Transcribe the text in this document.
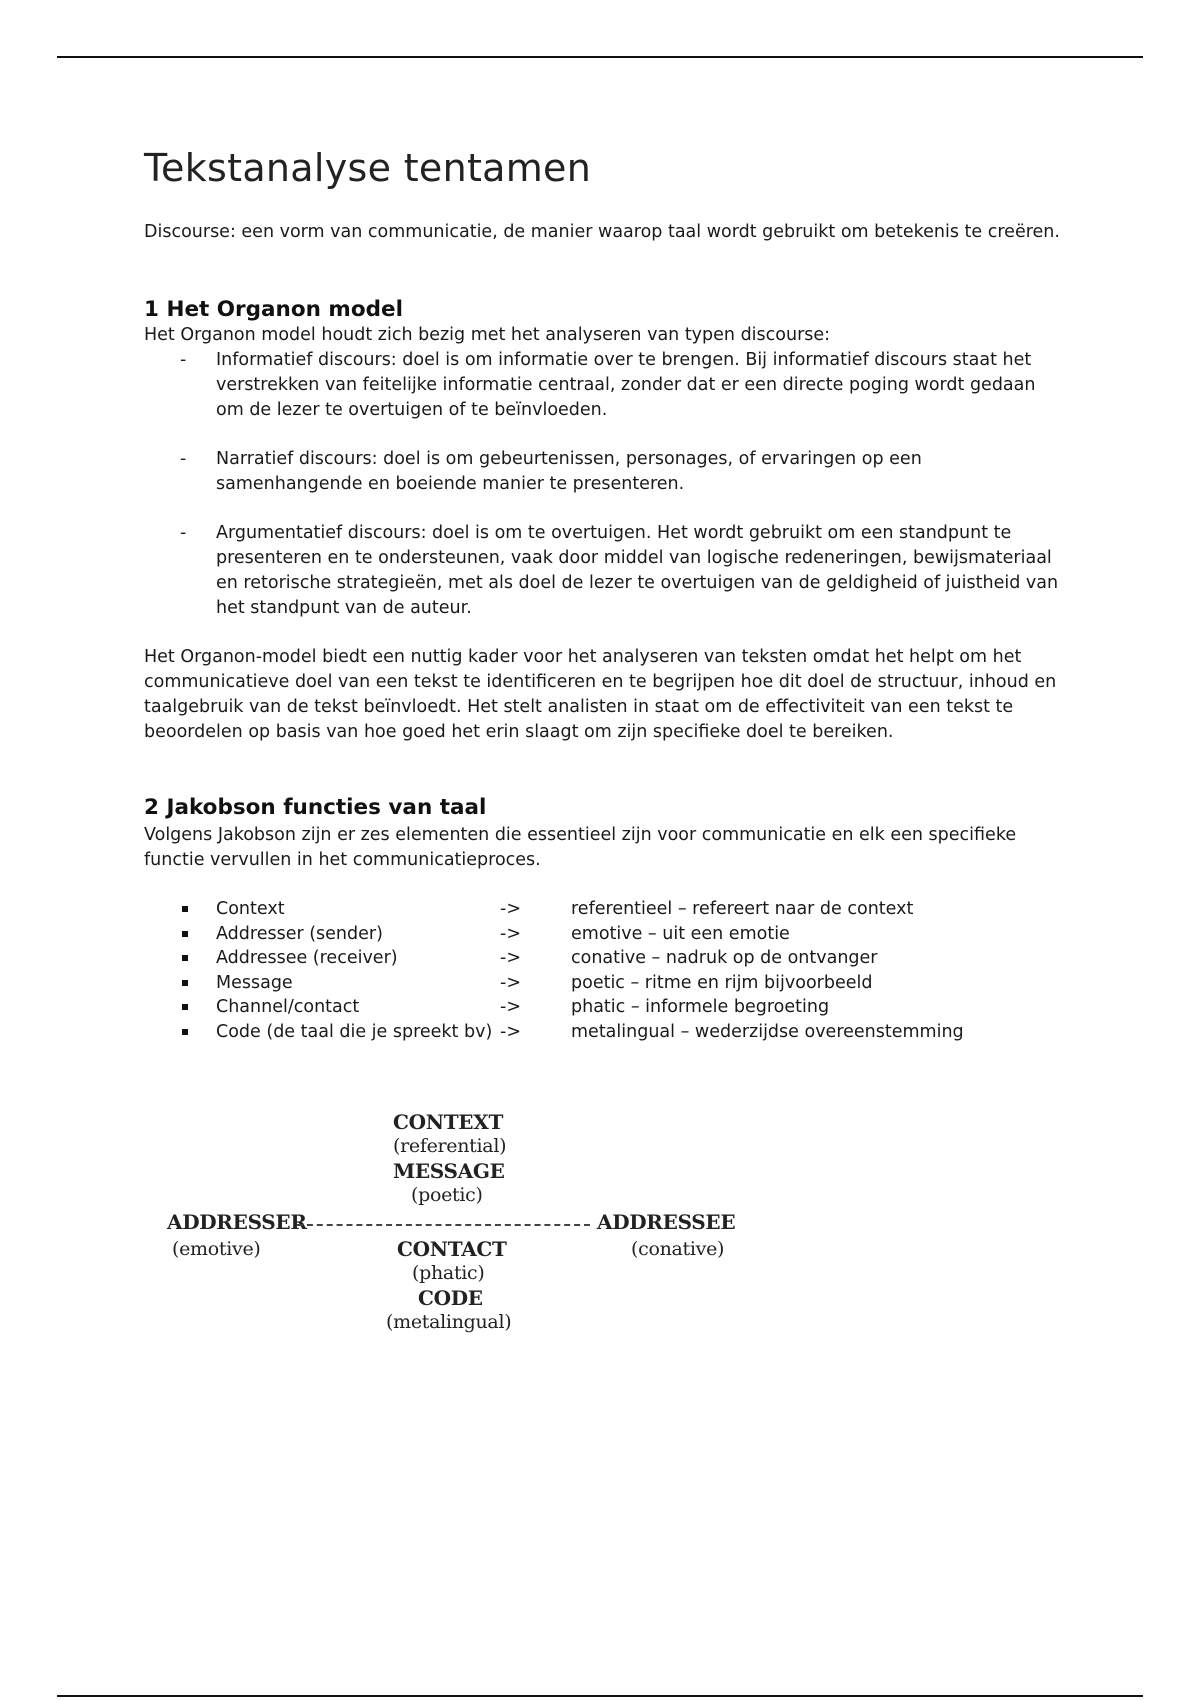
Tekstanalyse tentamen

Discourse: een vorm van communicatie, de manier waarop taal wordt gebruikt om betekenis te creëren.

1 Het Organon model

Het Organon model houdt zich bezig met het analyseren van typen discourse:

- Informatief discours: doel is om informatie over te brengen. Bij informatief discours staat het verstrekken van feitelijke informatie centraal, zonder dat er een directe poging wordt gedaan om de lezer te overtuigen of te beïnvloeden.
- Narratief discours: doel is om gebeurtenissen, personages, of ervaringen op een samenhangende en boeiende manier te presenteren.
- Argumentatief discours: doel is om te overtuigen. Het wordt gebruikt om een standpunt te presenteren en te ondersteunen, vaak door middel van logische redeneringen, bewijsmateriaal en retorische strategieën, met als doel de lezer te overtuigen van de geldigheid of juistheid van het standpunt van de auteur.

Het Organon-model biedt een nuttig kader voor het analyseren van teksten omdat het helpt om het communicatieve doel van een tekst te identificeren en te begrijpen hoe dit doel de structuur, inhoud en taalgebruik van de tekst beïnvloedt. Het stelt analisten in staat om de effectiviteit van een tekst te beoordelen op basis van hoe goed het erin slaagt om zijn specifieke doel te bereiken.

2 Jakobson functies van taal

Volgens Jakobson zijn er zes elementen die essentieel zijn voor communicatie en elk een specifieke functie vervullen in het communicatieproces.

Context	->	referentieel – refereert naar de context
Addresser (sender)	->	emotive – uit een emotie
Addressee (receiver)	->	conative – nadruk op de ontvanger
Message	->	poetic – ritme en rijm bijvoorbeeld
Channel/contact	->	phatic – informele begroeting
Code (de taal die je spreekt bv) ->	metalingual – wederzijdse overeenstemming
CONTEXT
(referential)
MESSAGE
(poetic)
ADDRESSER	ADDRESSEE
(emotive)	(conative)
CONTACT
(phatic)
CODE
(metalingual)
